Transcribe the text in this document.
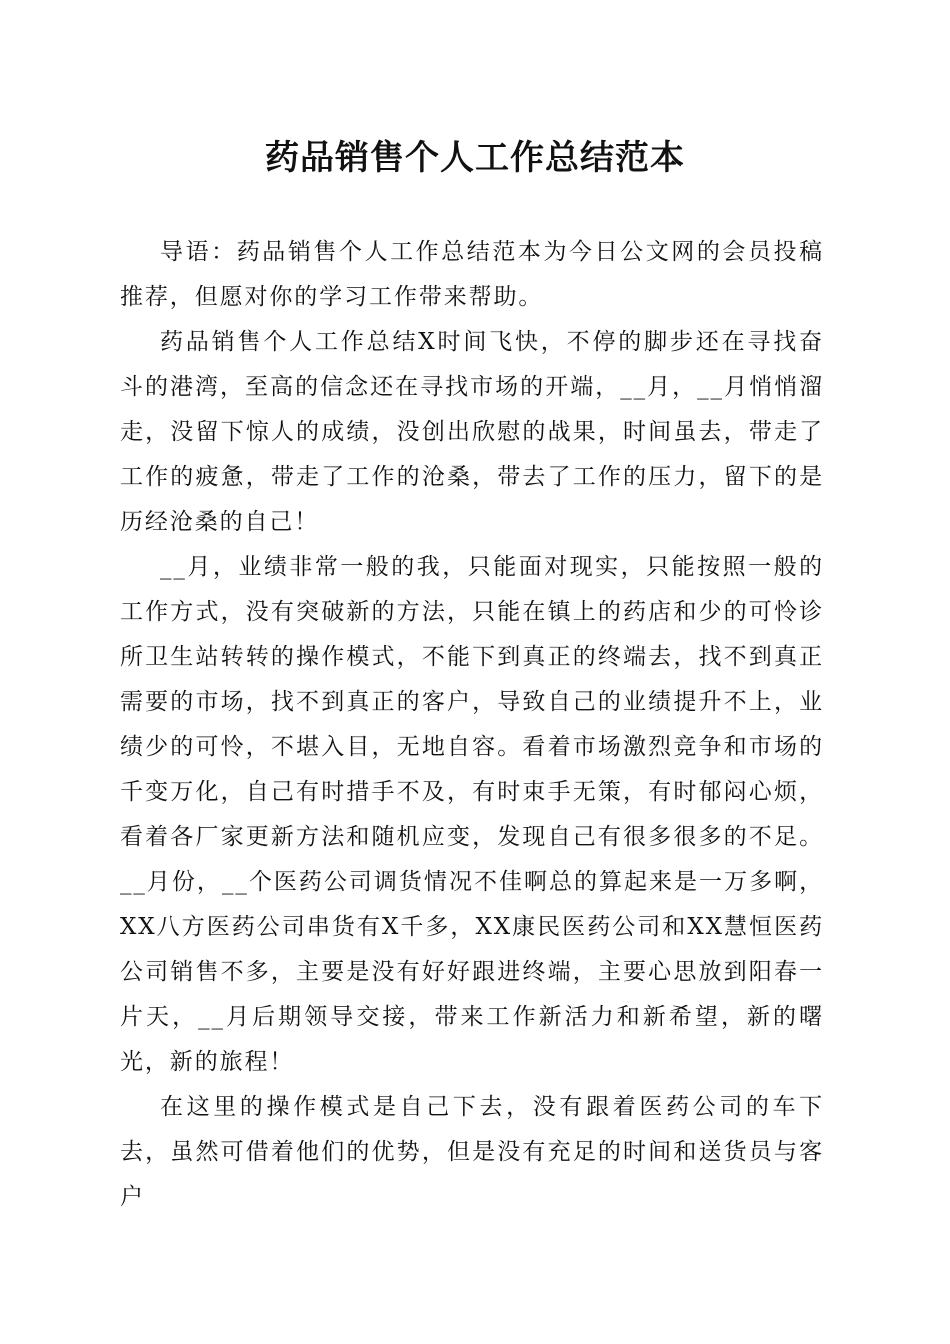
药品销售个人工作总结范本

导语：药品销售个人工作总结范本为今日公文网的会员投稿推荐，但愿对你的学习工作带来帮助。

药品销售个人工作总结X时间飞快，不停的脚步还在寻找奋斗的港湾，至高的信念还在寻找市场的开端，__月，__月悄悄溜走，没留下惊人的成绩，没创出欣慰的战果，时间虽去，带走了工作的疲惫，带走了工作的沧桑，带去了工作的压力，留下的是历经沧桑的自己！

__月，业绩非常一般的我，只能面对现实，只能按照一般的工作方式，没有突破新的方法，只能在镇上的药店和少的可怜诊所卫生站转转的操作模式，不能下到真正的终端去，找不到真正需要的市场，找不到真正的客户，导致自己的业绩提升不上，业绩少的可怜，不堪入目，无地自容。看着市场激烈竞争和市场的千变万化，自己有时措手不及，有时束手无策，有时郁闷心烦，看着各厂家更新方法和随机应变，发现自己有很多很多的不足。__月份，__个医药公司调货情况不佳啊总的算起来是一万多啊，XX八方医药公司串货有X千多，XX康民医药公司和XX慧恒医药公司销售不多，主要是没有好好跟进终端，主要心思放到阳春一片天，__月后期领导交接，带来工作新活力和新希望，新的曙光，新的旅程！

在这里的操作模式是自己下去，没有跟着医药公司的车下去，虽然可借着他们的优势，但是没有充足的时间和送货员与客户
